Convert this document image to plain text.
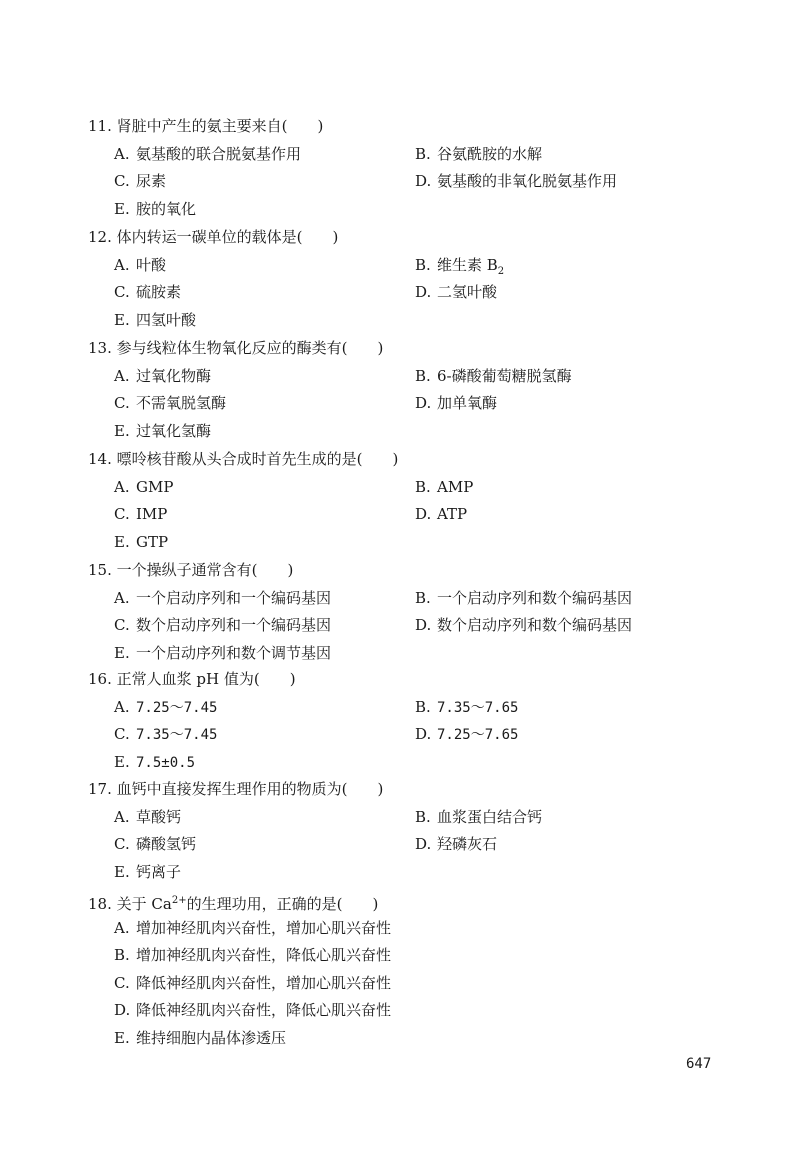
11. 肾脏中产生的氨主要来自(　　)
A. 氨基酸的联合脱氨基作用	B. 谷氨酰胺的水解
C. 尿素	D. 氨基酸的非氧化脱氨基作用
E. 胺的氧化
12. 体内转运一碳单位的载体是(　　)
A. 叶酸	B. 维生素 $B_2$
C. 硫胺素	D. 二氢叶酸
E. 四氢叶酸
13. 参与线粒体生物氧化反应的酶类有(　　)
A. 过氧化物酶	B. 6-磷酸葡萄糖脱氢酶
C. 不需氧脱氢酶	D. 加单氧酶
E. 过氧化氢酶
14. 嘌呤核苷酸从头合成时首先生成的是(　　)
A. GMP	B. AMP
C. IMP	D. ATP
E. GTP
15. 一个操纵子通常含有(　　)
A. 一个启动序列和一个编码基因	B. 一个启动序列和数个编码基因
C. 数个启动序列和一个编码基因	D. 数个启动序列和数个编码基因
E. 一个启动序列和数个调节基因
16. 正常人血浆 pH 值为(　　)
A. 7.25～7.45	B. 7.35～7.65
C. 7.35～7.45	D. 7.25～7.65
E. 7.5±0.5
17. 血钙中直接发挥生理作用的物质为(　　)
A. 草酸钙	B. 血浆蛋白结合钙
C. 磷酸氢钙	D. 羟磷灰石
E. 钙离子
18. 关于 $Ca^{2+}$的生理功用，正确的是(　　)
A. 增加神经肌肉兴奋性，增加心肌兴奋性
B. 增加神经肌肉兴奋性，降低心肌兴奋性
C. 降低神经肌肉兴奋性，增加心肌兴奋性
D. 降低神经肌肉兴奋性，降低心肌兴奋性
E. 维持细胞内晶体渗透压
647
